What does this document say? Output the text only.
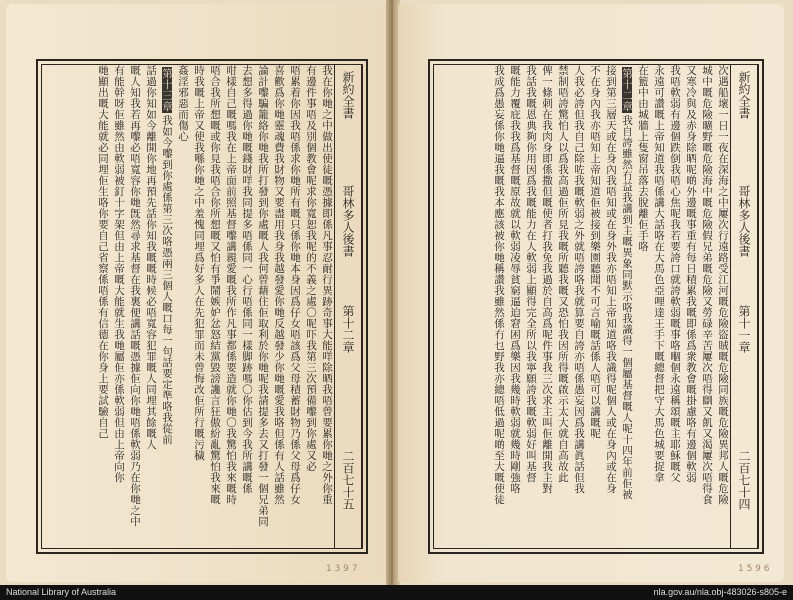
新約全書
哥林多人後書
第十二章
二百七十五
我在你哋之中做出使徒嘅憑據即係凡事忍耐行異跡奇事大能咩除晒我唔曾要累你哋之外你重
有邊件事唔及別個教會呢求你寬恕我呢的不義之處〇呢吓我第三次預備嚟到你處又必
唔累着你因我唔係求你哋所有嘅只係你哋本身因爲仔女唔該爲父母積蓄財物乃係父母爲仔女
喜歡爲你哋靈魂費我財物又要盡用我身我越發愛你哋反越發少你哋嘅愛我咯但係有人話雖然
論計嚟騙籠絡你哋我所打發到你處嘅人我何曾藉住佢取利於你哋呢我請提多去又打發一個兄弟同
去想多得過你哋嘅錢財咩我同提多唔係同一心行唔係同一樣脚跡嗎〇你估到今我所講嘅係
咁樣自己嘅嗎我在上帝面前照基督嚟講親愛嘅我所作凡事都係要造就你哋〇我驚怕我來嘅時
唔合我所想嘅或你見我唔合你所想嘅又怕有爭鬧嫉妒忿怒結黨毀謗讒言狂傲紛亂驚怕我來嘅
時我嘅上帝又使我喺你哋之中羞愧同埋爲好多人在先犯罪而未曾悔改佢所行嘅污穢
姦淫邪惡而傷心
第十三章
我如今嚟到你處係第三次咯憑兩三個人嘅口每一句話要定準咯我從前
話過你知如今離開你地再預先話你知我嘅嘅時候必唔寬容犯罪嘅人同埋其餘嘅人
嘅人知我若再嚟必唔寬容你哋旣然尋求基督在我裏便講話嘅憑據佢向你哋唔係軟弱乃在你哋之中
有能幹呀佢雖然由軟弱被釘十字架但由上帝嘅大能就生我哋屬佢亦係軟弱但由上帝向你
哋顯出嘅大能就必同埋佢生咯你要自己省察係唔係有信德在你身上要試驗自己
1 3 9 7
新約全書
哥林多人後書
第十一章
二百七十四
次遇船壞一日一夜在深海之中屢次行遠路受江河嘅危險盜賊嘅危險同族嘅危險異邦人嘅危險
城中嘅危險曠野嘅危險海中嘅危險假兄弟嘅危險又勞碌辛苦屢次唔得瞓又飢又渴屢次唔得食
又寒冷與及赤身除晒呢啲外邊嘅事重有每日積累我嘅即係爲衆教會嘅掛慮咯有邊個軟弱
我唔軟弱有邊個跌倒我唔心焦呢我若要誇口就誇軟弱嘅事咯嗰個永遠稱頌嘅主耶穌嘅父
永遠可讚嘅上帝知道我唔係講大話咯在大馬色亞哩達王手下嘅總督把守大馬色城要捉拿
在籃中由城牆上隻窗吊落去脫離佢手咯
第十二章
我自誇雖然冇益我講到主嘅異象同默示咯我識得一個屬基督嘅人呢十四年前佢被
接到第三層天或在身內我唔知或在身外我亦唔知上帝知道咯我識得呢個人或在身內或在身
不在身內我亦唔知上帝知道佢被接到樂園聽聞不可言喻嘅話係人唔可以講嘅呢
人我必誇但我自己除咗我嘅軟弱之外就唔誇咯我就算要自誇亦唔係愚妄因爲我講眞話但我
禁制唔誇驚怕人以爲我高過佢所見我嘅所聽我嘅又恐怕我因所得嘅啟示太大就自高故此
俾一條刺在我肉身即係撒但嘅使者打我免我過於自高爲呢件事我三次求主叫佢離開我主對
我話我嘅恩典夠你用因爲我嘅能力在人軟弱上顯得完全所以我寧願誇我嘅軟弱好叫基督
嘅能力覆庇我我爲基督嘅原故就以軟弱凌辱貧窮逼迫窘困爲樂因我幾時軟弱就幾時剛強咯
我成爲愚妄係你哋逼我嘅我本應該被你哋稱讚我雖然係冇乜野我亦總唔低過呢啲至大嘅使徒
1 5 9 6
National Library of Australia	nla.gov.au/nla.obj-483026-s805-e
